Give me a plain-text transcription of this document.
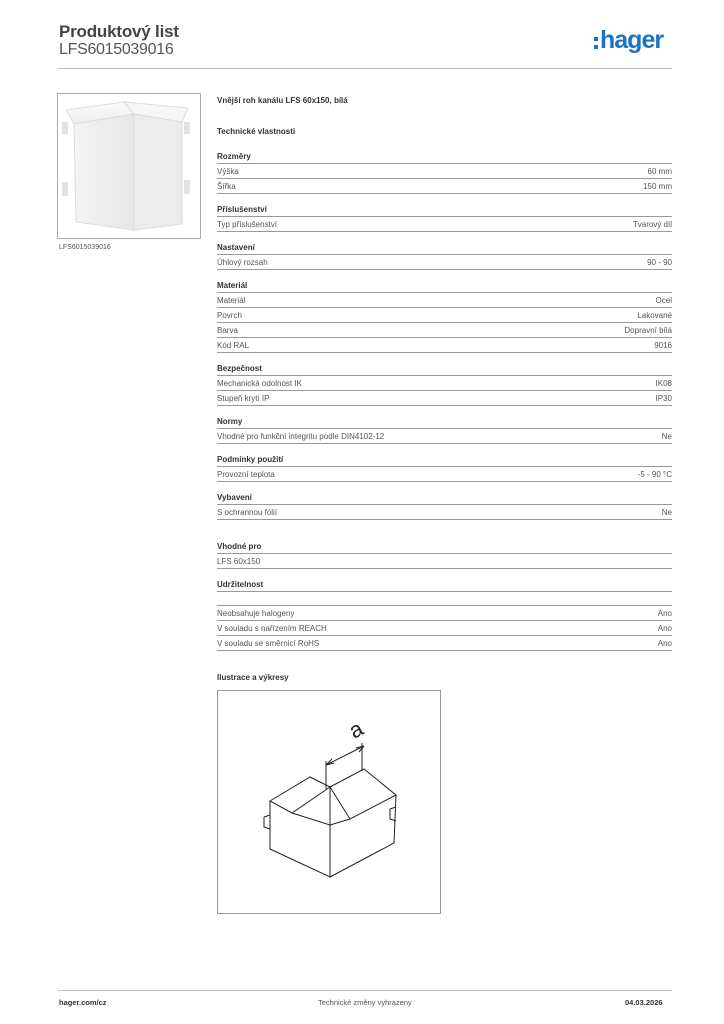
Produktový list
LFS6015039016	hager
LFS6015039016
Vnější roh kanálu LFS 60x150, bílá
Technické vlastnosti
Rozměry
Výška	60 mm
Šířka	150 mm
Příslušenství
Typ příslušenství	Tvarový díl
Nastavení
Úhlový rozsah	90 - 90
Materiál
Materiál	Ocel
Povrch	Lakované
Barva	Dopravní bílá
Kód RAL	9016
Bezpečnost
Mechanická odolnost IK	IK08
Stupeň krytí IP	IP30
Normy
Vhodné pro funkční integritu podle DIN4102-12	Ne
Podmínky použití
Provozní teplota	-5 - 90 °C
Vybavení
S ochrannou fólií	Ne
Vhodné pro
LFS 60x150
Udržitelnost
Neobsahuje halogeny	Ano
V souladu s nařízením REACH	Ano
V souladu se směrnicí RoHS	Ano
Ilustrace a výkresy
a
hager.com/cz	Technické změny vyhrazeny	04.03.2026
